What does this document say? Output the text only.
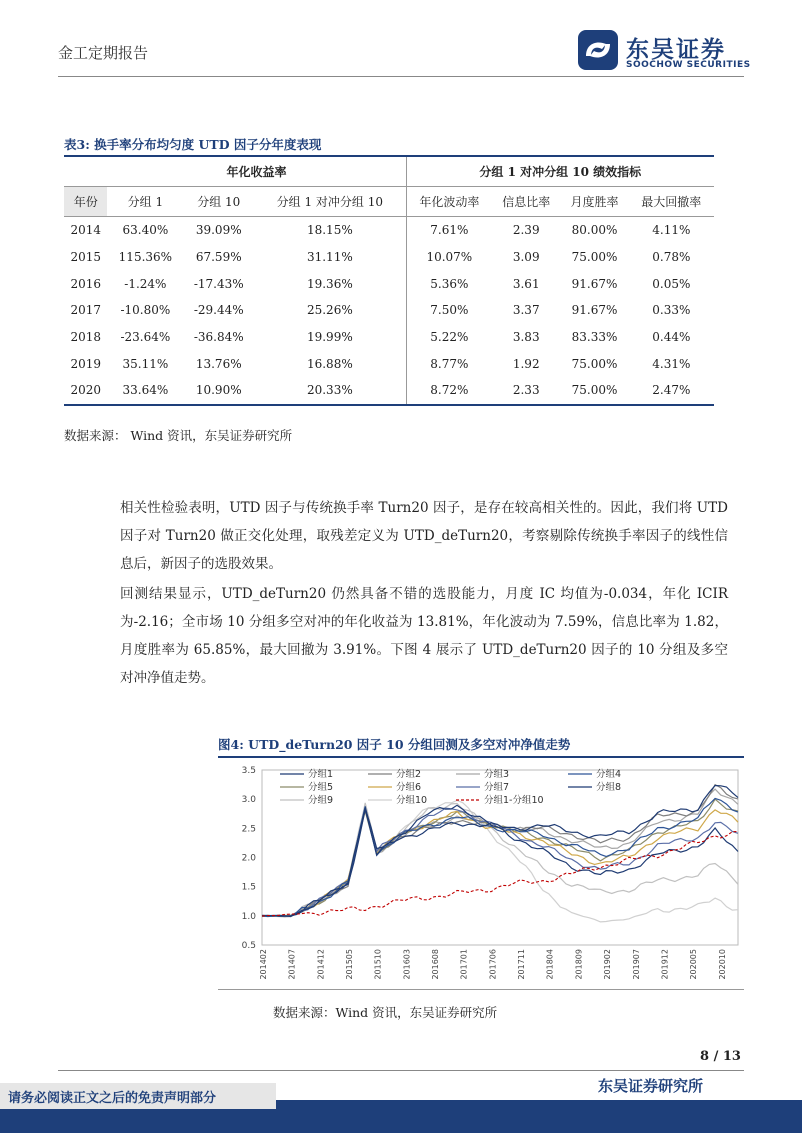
金工定期报告	东吴证券
SOOCHOW SECURITIES
表3: 换手率分布均匀度 UTD 因子分年度表现
	年化收益率			分组 1 对冲分组 10 绩效指标			
年份	分组 1	分组 10	分组 1 对冲分组 10	年化波动率	信息比率	月度胜率	最大回撤率
2014	63.40%	39.09%	18.15%	7.61%	2.39	80.00%	4.11%
2015	115.36%	67.59%	31.11%	10.07%	3.09	75.00%	0.78%
2016	-1.24%	-17.43%	19.36%	5.36%	3.61	91.67%	0.05%
2017	-10.80%	-29.44%	25.26%	7.50%	3.37	91.67%	0.33%
2018	-23.64%	-36.84%	19.99%	5.22%	3.83	83.33%	0.44%
2019	35.11%	13.76%	16.88%	8.77%	1.92	75.00%	4.31%
2020	33.64%	10.90%	20.33%	8.72%	2.33	75.00%	2.47%
数据来源： Wind 资讯，东吴证券研究所
相关性检验表明，UTD 因子与传统换手率 Turn20 因子，是存在较高相关性的。因此，我们将 UTD 因子对 Turn20 做正交化处理，取残差定义为 UTD_deTurn20，考察剔除传统换手率因子的线性信息后，新因子的选股效果。
回测结果显示，UTD_deTurn20 仍然具备不错的选股能力，月度 IC 均值为-0.034，年化 ICIR 为-2.16；全市场 10 分组多空对冲的年化收益为 13.81%，年化波动为 7.59%，信息比率为 1.82，月度胜率为 65.85%，最大回撤为 3.91%。下图 4 展示了 UTD_deTurn20 因子的 10 分组及多空对冲净值走势。
图4: UTD_deTurn20 因子 10 分组回测及多空对冲净值走势
0.5
1.0
1.5
2.0
2.5
3.0
3.5
201402 201407 201412 201505 201510 201603 201608 201701 201706 201711 201804 201809 201902 201907 201912 202005 202010
分组1	分组2	分组3	分组4
分组5	分组6	分组7	分组8
分组9	分组10	分组1-分组10
数据来源：Wind 资讯，东吴证券研究所
8 / 13
东吴证券研究所
请务必阅读正文之后的免责声明部分
